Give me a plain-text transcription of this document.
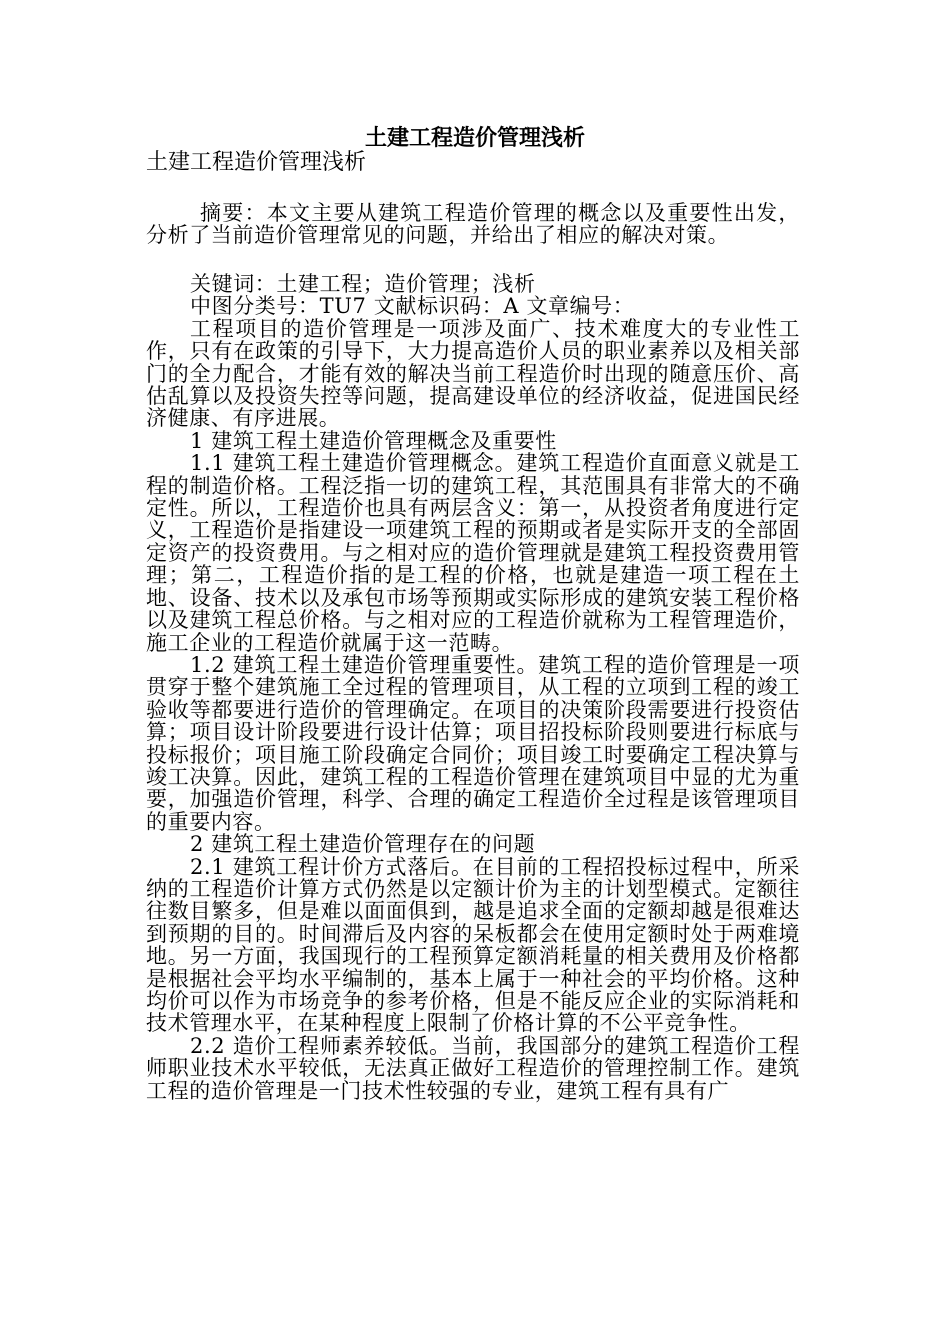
土建工程造价管理浅析
土建工程造价管理浅析
摘要：本文主要从建筑工程造价管理的概念以及重要性出发，分析了当前造价管理常见的问题，并给出了相应的解决对策。

关键词：土建工程；造价管理；浅析

中图分类号：TU7 文献标识码：A 文章编号：

工程项目的造价管理是一项涉及面广、技术难度大的专业性工作，只有在政策的引导下，大力提高造价人员的职业素养以及相关部门的全力配合，才能有效的解决当前工程造价时出现的随意压价、高估乱算以及投资失控等问题，提高建设单位的经济收益，促进国民经济健康、有序进展。

1 建筑工程土建造价管理概念及重要性

1.1 建筑工程土建造价管理概念。建筑工程造价直面意义就是工程的制造价格。工程泛指一切的建筑工程，其范围具有非常大的不确定性。所以，工程造价也具有两层含义：第一，从投资者角度进行定义，工程造价是指建设一项建筑工程的预期或者是实际开支的全部固定资产的投资费用。与之相对应的造价管理就是建筑工程投资费用管理；第二，工程造价指的是工程的价格，也就是建造一项工程在土地、设备、技术以及承包市场等预期或实际形成的建筑安装工程价格以及建筑工程总价格。与之相对应的工程造价就称为工程管理造价，施工企业的工程造价就属于这一范畴。

1.2 建筑工程土建造价管理重要性。建筑工程的造价管理是一项贯穿于整个建筑施工全过程的管理项目，从工程的立项到工程的竣工验收等都要进行造价的管理确定。在项目的决策阶段需要进行投资估算；项目设计阶段要进行设计估算；项目招投标阶段则要进行标底与投标报价；项目施工阶段确定合同价；项目竣工时要确定工程决算与竣工决算。因此，建筑工程的工程造价管理在建筑项目中显的尤为重要，加强造价管理，科学、合理的确定工程造价全过程是该管理项目的重要内容。

2 建筑工程土建造价管理存在的问题

2.1 建筑工程计价方式落后。在目前的工程招投标过程中，所采纳的工程造价计算方式仍然是以定额计价为主的计划型模式。定额往往数目繁多，但是难以面面俱到，越是追求全面的定额却越是很难达到预期的目的。时间滞后及内容的呆板都会在使用定额时处于两难境地。另一方面，我国现行的工程预算定额消耗量的相关费用及价格都是根据社会平均水平编制的，基本上属于一种社会的平均价格。这种均价可以作为市场竞争的参考价格，但是不能反应企业的实际消耗和技术管理水平，在某种程度上限制了价格计算的不公平竞争性。

2.2 造价工程师素养较低。当前，我国部分的建筑工程造价工程师职业技术水平较低，无法真正做好工程造价的管理控制工作。建筑工程的造价管理是一门技术性较强的专业，建筑工程有具有广
